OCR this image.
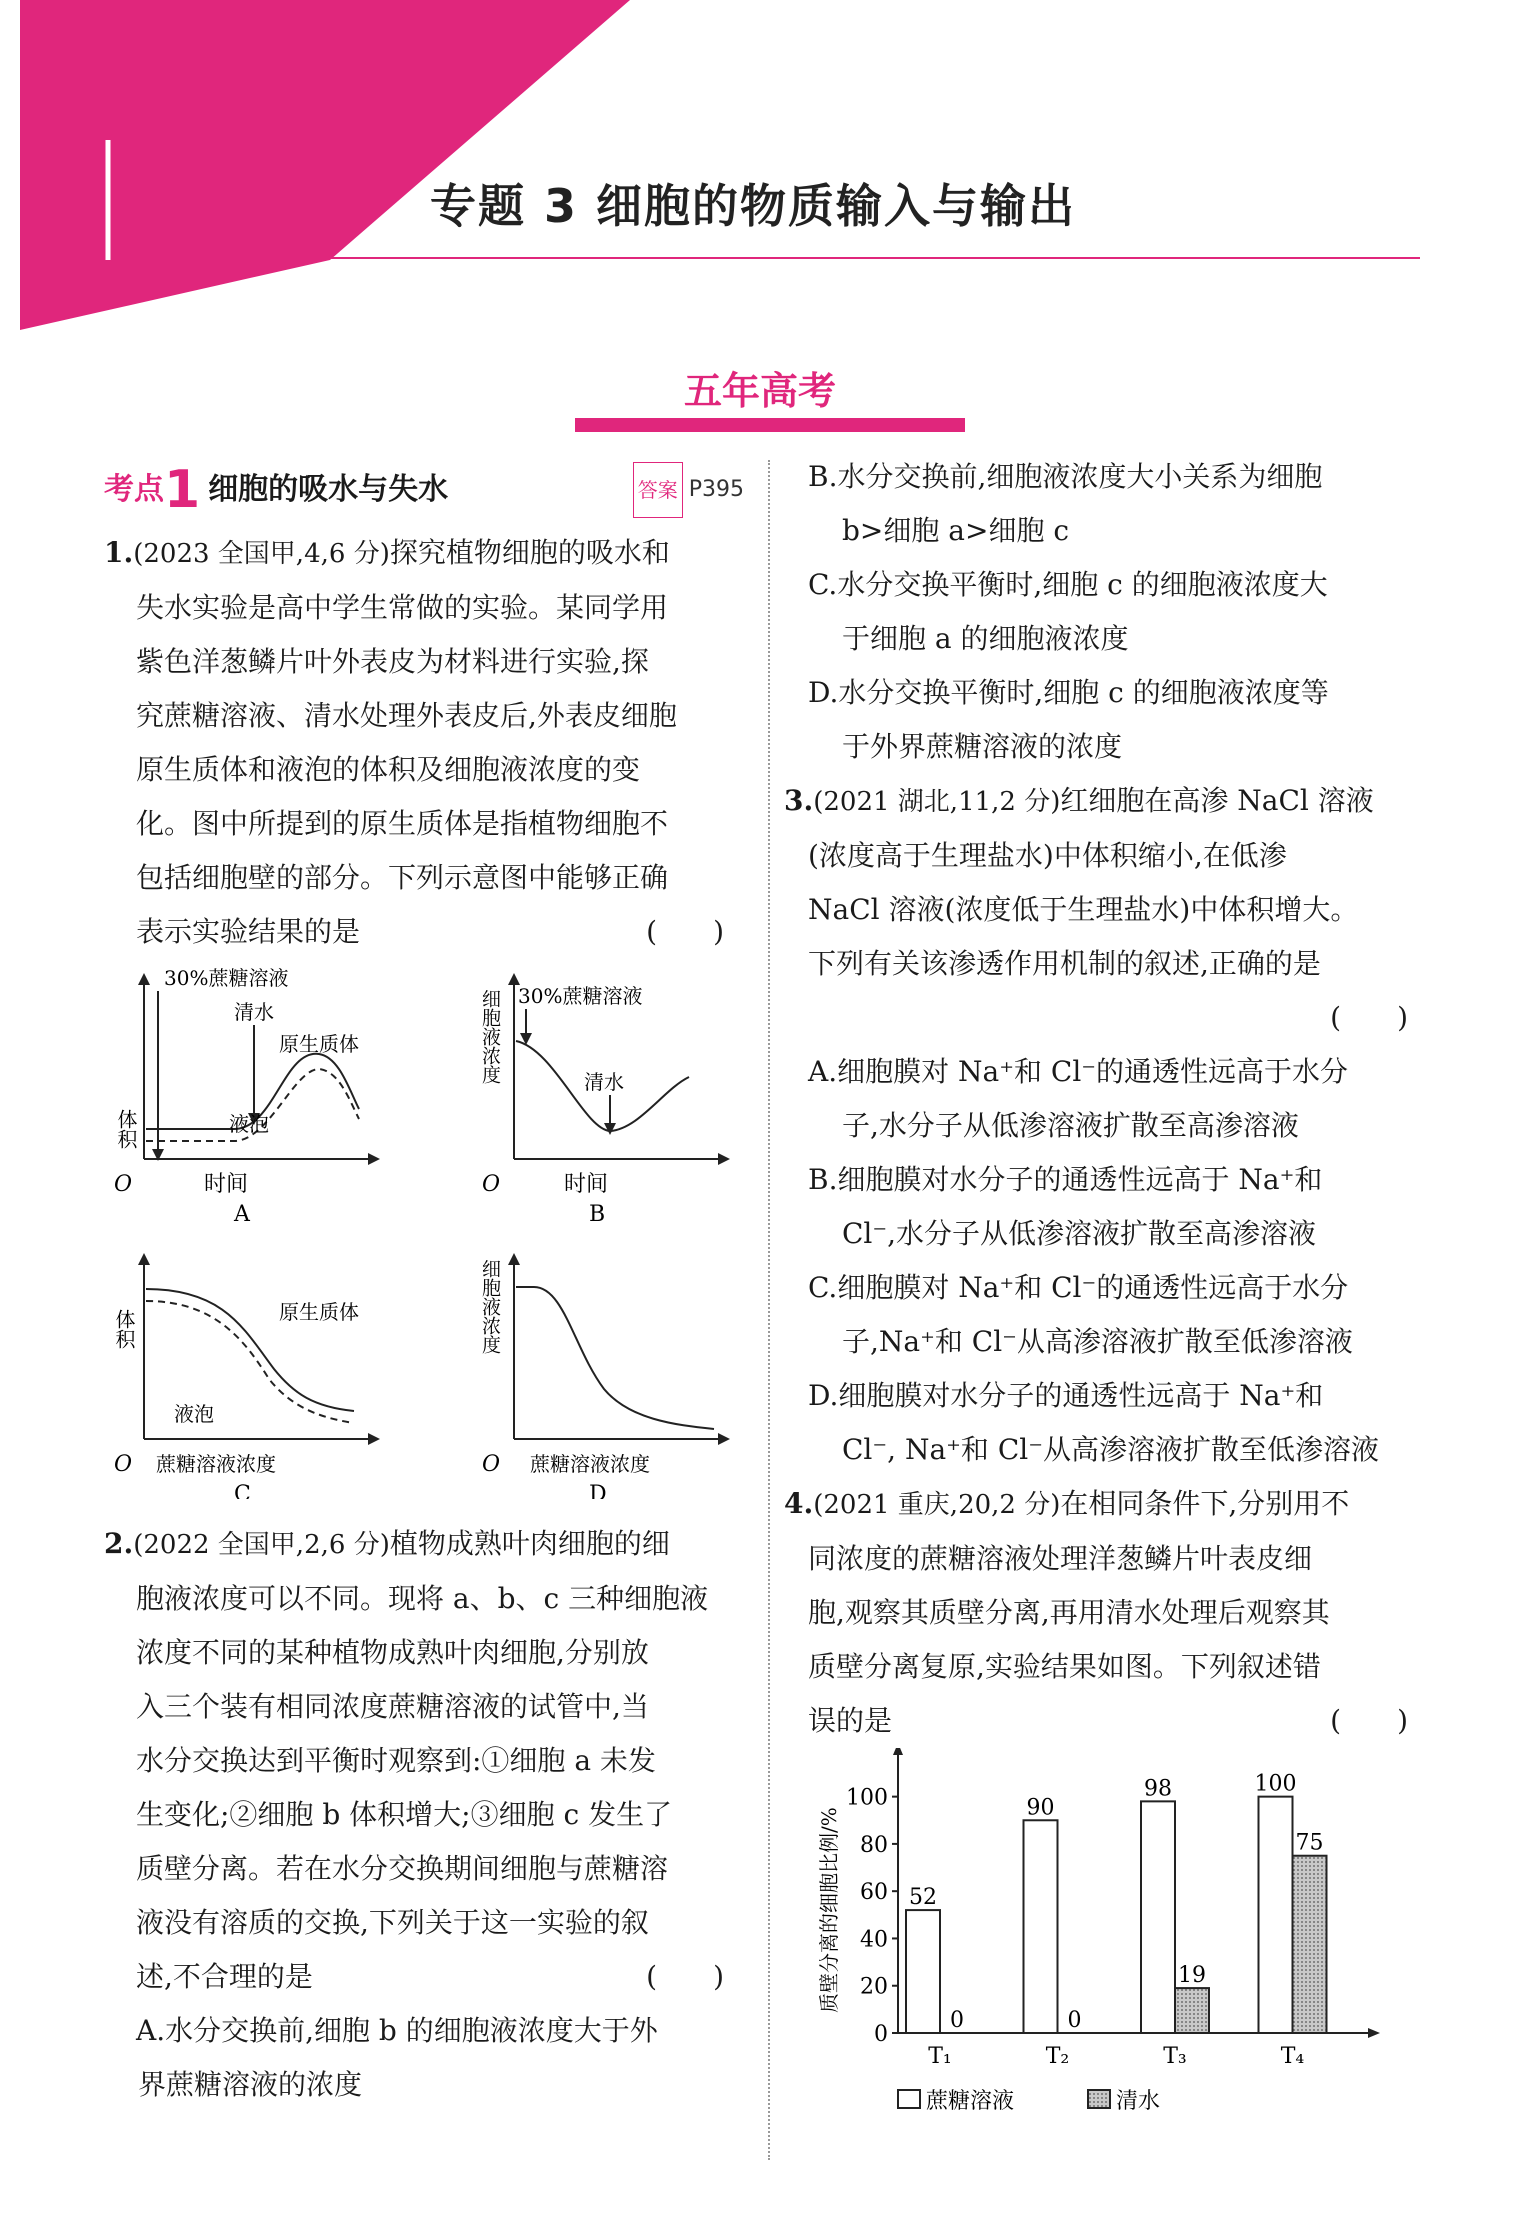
专题 3 细胞的物质输入与输出
五年高考
考点 1 细胞的吸水与失水	答案 P395

1.(2023 全国甲,4,6 分)探究植物细胞的吸水和

失水实验是高中学生常做的实验。某同学用

紫色洋葱鳞片叶外表皮为材料进行实验,探

究蔗糖溶液、清水处理外表皮后,外表皮细胞

原生质体和液泡的体积及细胞液浓度的变

化。图中所提到的原生质体是指植物细胞不

包括细胞壁的部分。下列示意图中能够正确

表示实验结果的是	(　　)

体积
时间
O
30%蔗糖溶液
清水
原生质体
液泡
A
细胞液浓度
时间
O
30%蔗糖溶液
清水
B
体积
蔗糖溶液浓度
O
原生质体
液泡
C
细胞液浓度
蔗糖溶液浓度
O
D

2.(2022 全国甲,2,6 分)植物成熟叶肉细胞的细

胞液浓度可以不同。现将 a、b、c 三种细胞液

浓度不同的某种植物成熟叶肉细胞,分别放

入三个装有相同浓度蔗糖溶液的试管中,当

水分交换达到平衡时观察到:①细胞 a 未发

生变化;②细胞 b 体积增大;③细胞 c 发生了

质壁分离。若在水分交换期间细胞与蔗糖溶

液没有溶质的交换,下列关于这一实验的叙

述,不合理的是	(　　)

A.水分交换前,细胞 b 的细胞液浓度大于外

界蔗糖溶液的浓度

B.水分交换前,细胞液浓度大小关系为细胞

b>细胞 a>细胞 c

C.水分交换平衡时,细胞 c 的细胞液浓度大

于细胞 a 的细胞液浓度

D.水分交换平衡时,细胞 c 的细胞液浓度等

于外界蔗糖溶液的浓度

3.(2021 湖北,11,2 分)红细胞在高渗 NaCl 溶液

(浓度高于生理盐水)中体积缩小,在低渗

NaCl 溶液(浓度低于生理盐水)中体积增大。

下列有关该渗透作用机制的叙述,正确的是

(　　)

A.细胞膜对 Na⁺和 Cl⁻的通透性远高于水分

子,水分子从低渗溶液扩散至高渗溶液

B.细胞膜对水分子的通透性远高于 Na⁺和

Cl⁻,水分子从低渗溶液扩散至高渗溶液

C.细胞膜对 Na⁺和 Cl⁻的通透性远高于水分

子,Na⁺和 Cl⁻从高渗溶液扩散至低渗溶液

D.细胞膜对水分子的通透性远高于 Na⁺和

Cl⁻, Na⁺和 Cl⁻从高渗溶液扩散至低渗溶液

4.(2021 重庆,20,2 分)在相同条件下,分别用不

同浓度的蔗糖溶液处理洋葱鳞片叶表皮细

胞,观察其质壁分离,再用清水处理后观察其

质壁分离复原,实验结果如图。下列叙述错

误的是	(　　)

0
20
40
60
80
100
质壁分离的细胞比例/%	52
0
T₁
90
0
T₂
98
19
T₃
100
75
T₄
蔗糖溶液	清水
